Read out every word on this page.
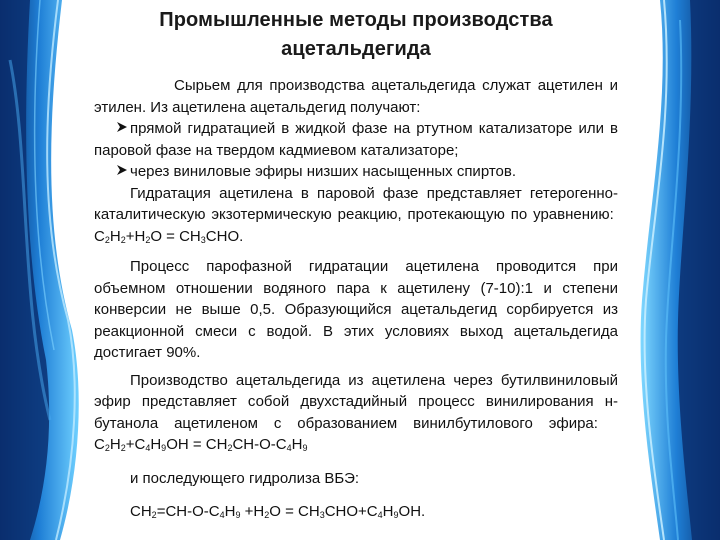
Промышленные методы производства ацетальдегида

Сырьем для производства ацетальдегида служат ацетилен и этилен. Из ацетилена ацетальдегид получают:

прямой гидратацией в жидкой фазе на ртутном катализаторе или в паровой фазе на твердом кадмиевом катализаторе;

через виниловые эфиры низших насыщенных спиртов.

Гидратация ацетилена в паровой фазе представляет гетерогенно-каталитическую экзотермическую реакцию, протекающую по уравнению:  $C_2H_2+H_2O = CH_3CHO$.

Процесс парофазной гидратации ацетилена проводится при объемном отношении водяного пара к ацетилену (7-10):1 и степени конверсии не выше 0,5. Образующийся ацетальдегид сорбируется из реакционной смеси с водой. В этих условиях выход ацетальдегида достигает 90%.

Производство ацетальдегида из ацетилена через бутилвиниловый эфир представляет собой двухстадийный процесс винилирования н-бутанола ацетиленом с образованием винилбутилового эфира:   $C_2H_2+C_4H_9OH = CH_2CH-O-C_4H_9$

и последующего гидролиза ВБЭ:

$CH_2=CH-O-C_4H_9 +H_2O = CH_3CHO+C_4H_9OH$.
